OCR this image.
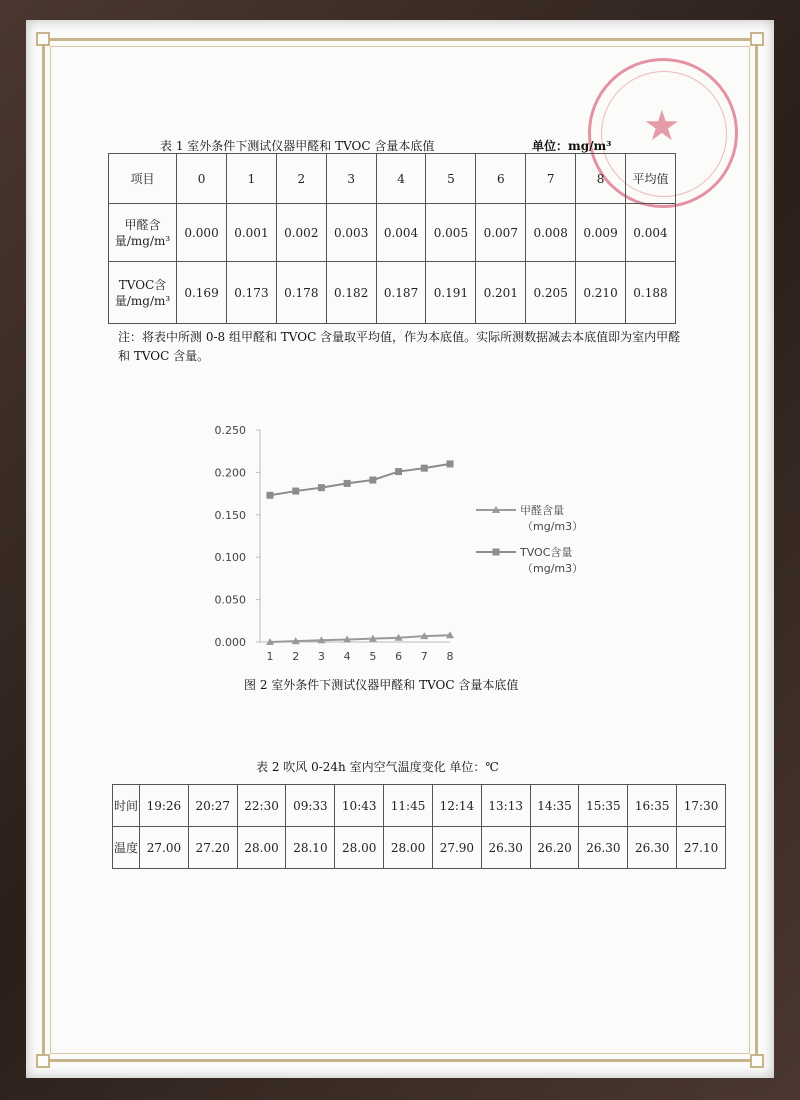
★
表 1 室外条件下测试仪器甲醛和 TVOC 含量本底值	单位：mg/m³
项目	0	1	2	3	4	5	6	7	8	平均值
甲醛含量/mg/m³	0.000	0.001	0.002	0.003	0.004	0.005	0.007	0.008	0.009	0.004
TVOC含量/mg/m³	0.169	0.173	0.178	0.182	0.187	0.191	0.201	0.205	0.210	0.188
注：将表中所测 0-8 组甲醛和 TVOC 含量取平均值，作为本底值。实际所测数据减去本底值即为室内甲醛和 TVOC 含量。
0.000
0.050
0.100
0.150
0.200
0.250
1 2 3 4 5 6 7 8
甲醛含量
（mg/m3）
TVOC含量
（mg/m3）
图 2 室外条件下测试仪器甲醛和 TVOC 含量本底值
表 2 吹风 0-24h 室内空气温度变化 单位：℃
时间	19:26	20:27	22:30	09:33	10:43	11:45	12:14	13:13	14:35	15:35	16:35	17:30
温度	27.00	27.20	28.00	28.10	28.00	28.00	27.90	26.30	26.20	26.30	26.30	27.10
